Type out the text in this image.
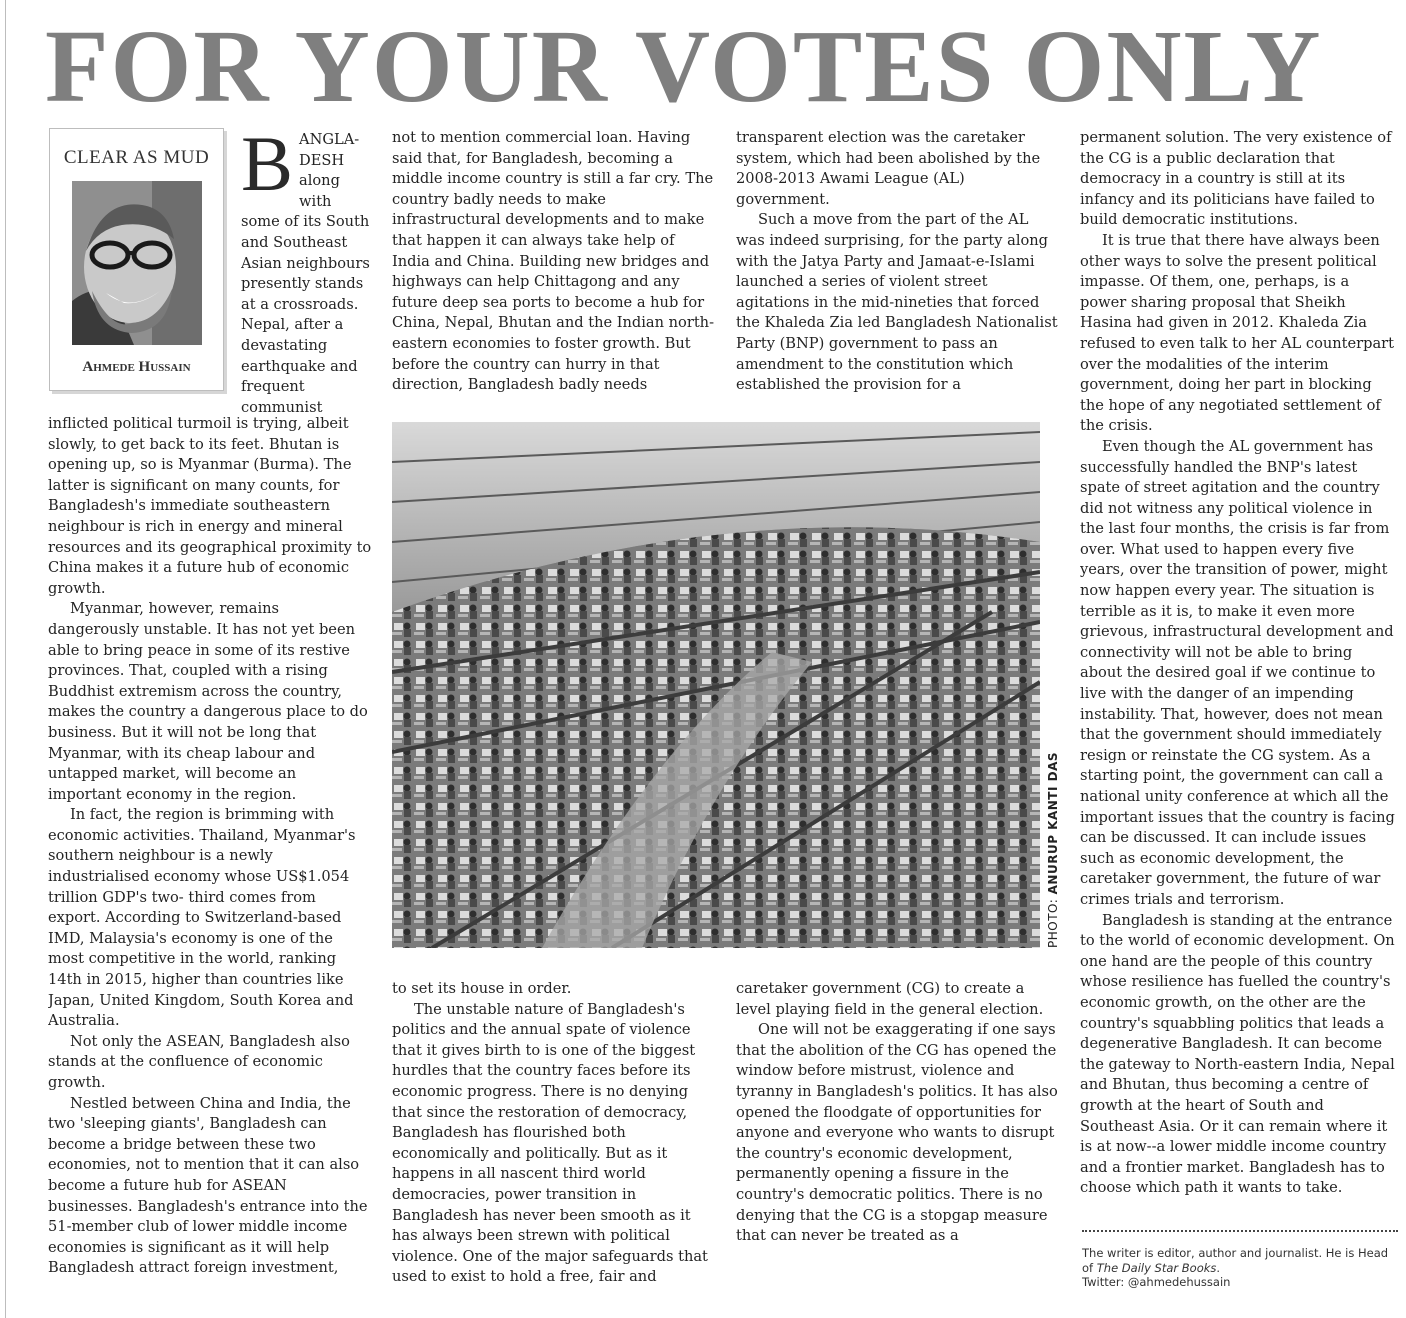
FOR YOUR VOTES ONLY
CLEAR AS MUD
Ahmede Hussain
BANGLA-DESH along with some of its South and Southeast Asian neighbours presently stands at a crossroads. Nepal, after a devastating earthquake and frequent communist

inflicted political turmoil is trying, albeit slowly, to get back to its feet. Bhutan is opening up, so is Myanmar (Burma). The latter is significant on many counts, for Bangladesh's immediate southeastern neighbour is rich in energy and mineral resources and its geographical proximity to China makes it a future hub of economic growth.

Myanmar, however, remains dangerously unstable. It has not yet been able to bring peace in some of its restive provinces. That, coupled with a rising Buddhist extremism across the country, makes the country a dangerous place to do business. But it will not be long that Myanmar, with its cheap labour and untapped market, will become an important economy in the region.

In fact, the region is brimming with economic activities. Thailand, Myanmar's southern neighbour is a newly industrialised economy whose US$1.054 trillion GDP's two- third comes from export. According to Switzerland-based IMD, Malaysia's economy is one of the most competitive in the world, ranking 14th in 2015, higher than countries like Japan, United Kingdom, South Korea and Australia.

Not only the ASEAN, Bangladesh also stands at the confluence of economic growth.

Nestled between China and India, the two 'sleeping giants', Bangladesh can become a bridge between these two economies, not to mention that it can also become a future hub for ASEAN businesses. Bangladesh's entrance into the 51-member club of lower middle income economies is significant as it will help Bangladesh attract foreign investment,

not to mention commercial loan. Having said that, for Bangladesh, becoming a middle income country is still a far cry. The country badly needs to make infrastructural developments and to make that happen it can always take help of India and China. Building new bridges and highways can help Chittagong and any future deep sea ports to become a hub for China, Nepal, Bhutan and the Indian north-eastern economies to foster growth. But before the country can hurry in that direction, Bangladesh badly needs

transparent election was the caretaker system, which had been abolished by the 2008-2013 Awami League (AL) government.

Such a move from the part of the AL was indeed surprising, for the party along with the Jatya Party and Jamaat-e-Islami launched a series of violent street agitations in the mid-nineties that forced the Khaleda Zia led Bangladesh Nationalist Party (BNP) government to pass an amendment to the constitution which established the provision for a

PHOTO: ANURUP KANTI DAS

to set its house in order.

The unstable nature of Bangladesh's politics and the annual spate of violence that it gives birth to is one of the biggest hurdles that the country faces before its economic progress. There is no denying that since the restoration of democracy, Bangladesh has flourished both economically and politically. But as it happens in all nascent third world democracies, power transition in Bangladesh has never been smooth as it has always been strewn with political violence. One of the major safeguards that used to exist to hold a free, fair and

caretaker government (CG) to create a level playing field in the general election.

One will not be exaggerating if one says that the abolition of the CG has opened the window before mistrust, violence and tyranny in Bangladesh's politics. It has also opened the floodgate of opportunities for anyone and everyone who wants to disrupt the country's economic development, permanently opening a fissure in the country's democratic politics. There is no denying that the CG is a stopgap measure that can never be treated as a

permanent solution. The very existence of the CG is a public declaration that democracy in a country is still at its infancy and its politicians have failed to build democratic institutions.

It is true that there have always been other ways to solve the present political impasse. Of them, one, perhaps, is a power sharing proposal that Sheikh Hasina had given in 2012. Khaleda Zia refused to even talk to her AL counterpart over the modalities of the interim government, doing her part in blocking the hope of any negotiated settlement of the crisis.

Even though the AL government has successfully handled the BNP's latest spate of street agitation and the country did not witness any political violence in the last four months, the crisis is far from over. What used to happen every five years, over the transition of power, might now happen every year. The situation is terrible as it is, to make it even more grievous, infrastructural development and connectivity will not be able to bring about the desired goal if we continue to live with the danger of an impending instability. That, however, does not mean that the government should immediately resign or reinstate the CG system. As a starting point, the government can call a national unity conference at which all the important issues that the country is facing can be discussed. It can include issues such as economic development, the caretaker government, the future of war crimes trials and terrorism.

Bangladesh is standing at the entrance to the world of economic development. On one hand are the people of this country whose resilience has fuelled the country's economic growth, on the other are the country's squabbling politics that leads a degenerative Bangladesh. It can become the gateway to North-eastern India, Nepal and Bhutan, thus becoming a centre of growth at the heart of South and Southeast Asia. Or it can remain where it is at now--a lower middle income country and a frontier market. Bangladesh has to choose which path it wants to take.

The writer is editor, author and journalist. He is Head of The Daily Star Books.
Twitter: @ahmedehussain
